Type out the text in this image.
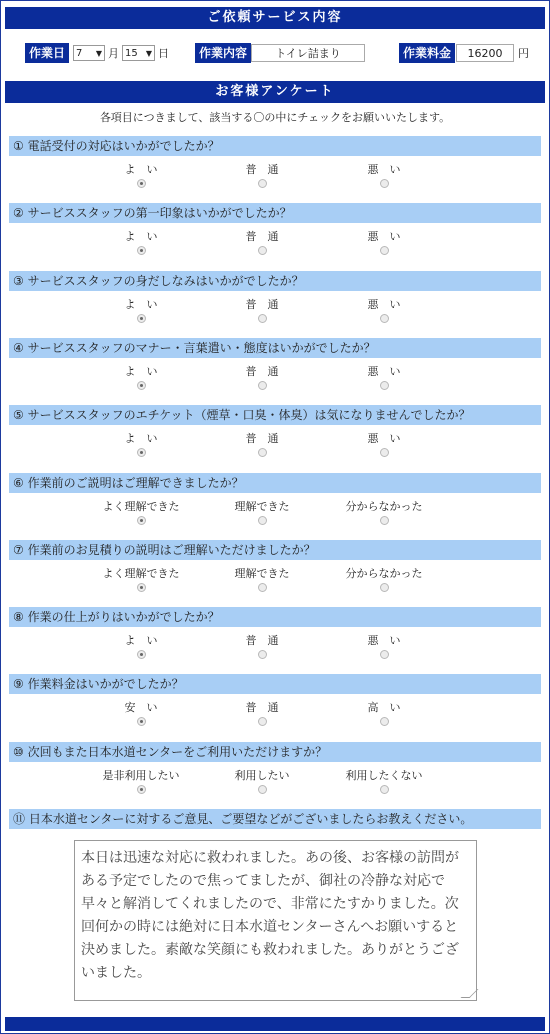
ご依頼サービス内容
作業日	7 ▼ 月 15 ▼ 日	作業内容	トイレ詰まり	作業料金	16200	円
お客様アンケート
各項目につきまして、該当する〇の中にチェックをお願いいたします。
① 電話受付の対応はいかがでしたか？
よ　い	普　通	悪　い
② サービススタッフの第一印象はいかがでしたか？
よ　い	普　通	悪　い
③ サービススタッフの身だしなみはいかがでしたか？
よ　い	普　通	悪　い
④ サービススタッフのマナー・言葉遣い・態度はいかがでしたか？
よ　い	普　通	悪　い
⑤ サービススタッフのエチケット（煙草・口臭・体臭）は気になりませんでしたか？
よ　い	普　通	悪　い
⑥ 作業前のご説明はご理解できましたか？
よく理解できた	理解できた	分からなかった
⑦ 作業前のお見積りの説明はご理解いただけましたか？
よく理解できた	理解できた	分からなかった
⑧ 作業の仕上がりはいかがでしたか？
よ　い	普　通	悪　い
⑨ 作業料金はいかがでしたか？
安　い	普　通	高　い
⑩ 次回もまた日本水道センターをご利用いただけますか？
是非利用したい	利用したい	利用したくない
⑪ 日本水道センターに対するご意見、ご要望などがございましたらお教えください。
本日は迅速な対応に救われました。あの後、お客様の訪問がある予定でしたので焦ってましたが、御社の冷静な対応で早々と解消してくれましたので、非常にたすかりました。次回何かの時には絶対に日本水道センターさんへお願いすると決めました。素敵な笑顔にも救われました。ありがとうございました。
